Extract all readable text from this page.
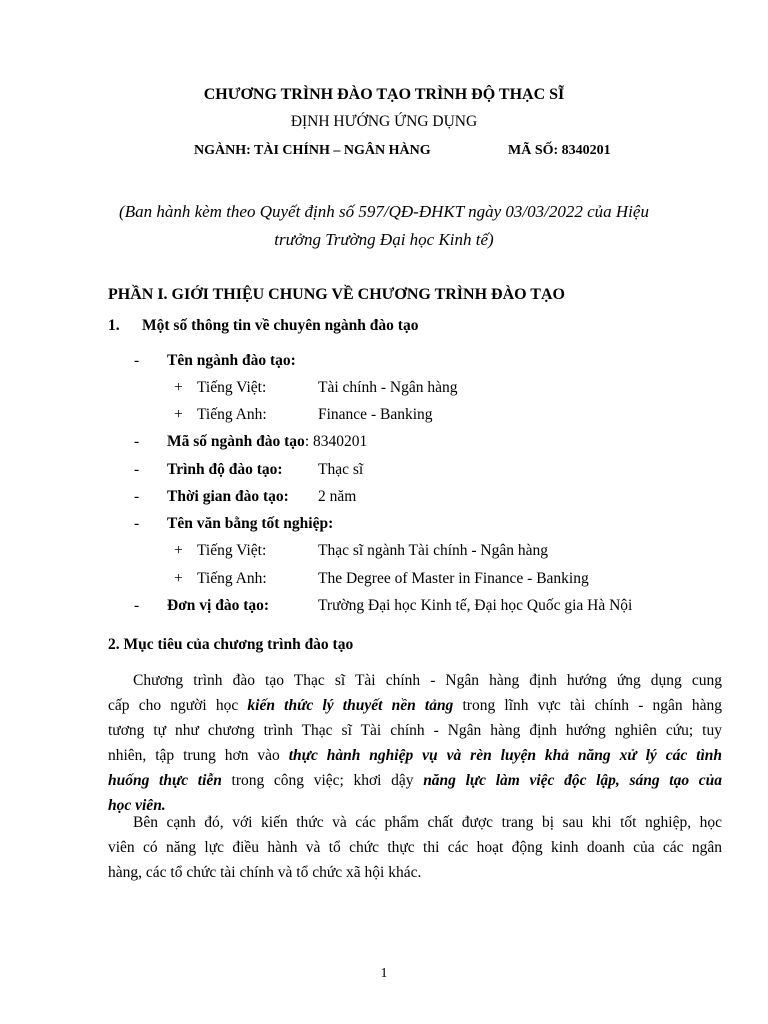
CHƯƠNG TRÌNH ĐÀO TẠO TRÌNH ĐỘ THẠC SĨ
ĐỊNH HƯỚNG ỨNG DỤNG
NGÀNH: TÀI CHÍNH – NGÂN HÀNG	MÃ SỐ: 8340201
(Ban hành kèm theo Quyết định số 597/QĐ-ĐHKT ngày 03/03/2022 của Hiệu
trưởng Trường Đại học Kinh tế)
PHẦN I. GIỚI THIỆU CHUNG VỀ CHƯƠNG TRÌNH ĐÀO TẠO
1. Một số thông tin về chuyên ngành đào tạo
- Tên ngành đào tạo:
+ Tiếng Việt:	Tài chính - Ngân hàng
+ Tiếng Anh:	Finance - Banking
- Mã số ngành đào tạo: 8340201
- Trình độ đào tạo: Thạc sĩ
- Thời gian đào tạo: 2 năm
- Tên văn bằng tốt nghiệp:
+ Tiếng Việt:	Thạc sĩ ngành Tài chính - Ngân hàng
+ Tiếng Anh:	The Degree of Master in Finance - Banking
- Đơn vị đào tạo:	Trường Đại học Kinh tế, Đại học Quốc gia Hà Nội
2. Mục tiêu của chương trình đào tạo
Chương trình đào tạo Thạc sĩ Tài chính - Ngân hàng định hướng ứng dụng cung
cấp cho người học kiến thức lý thuyết nền tảng trong lĩnh vực tài chính - ngân hàng
tương tự như chương trình Thạc sĩ Tài chính - Ngân hàng định hướng nghiên cứu; tuy
nhiên, tập trung hơn vào thực hành nghiệp vụ và rèn luyện khả năng xử lý các tình
huống thực tiễn trong công việc; khơi dậy năng lực làm việc độc lập, sáng tạo của
học viên.
Bên cạnh đó, với kiến thức và các phẩm chất được trang bị sau khi tốt nghiệp, học
viên có năng lực điều hành và tổ chức thực thi các hoạt động kinh doanh của các ngân
hàng, các tổ chức tài chính và tổ chức xã hội khác.
1
